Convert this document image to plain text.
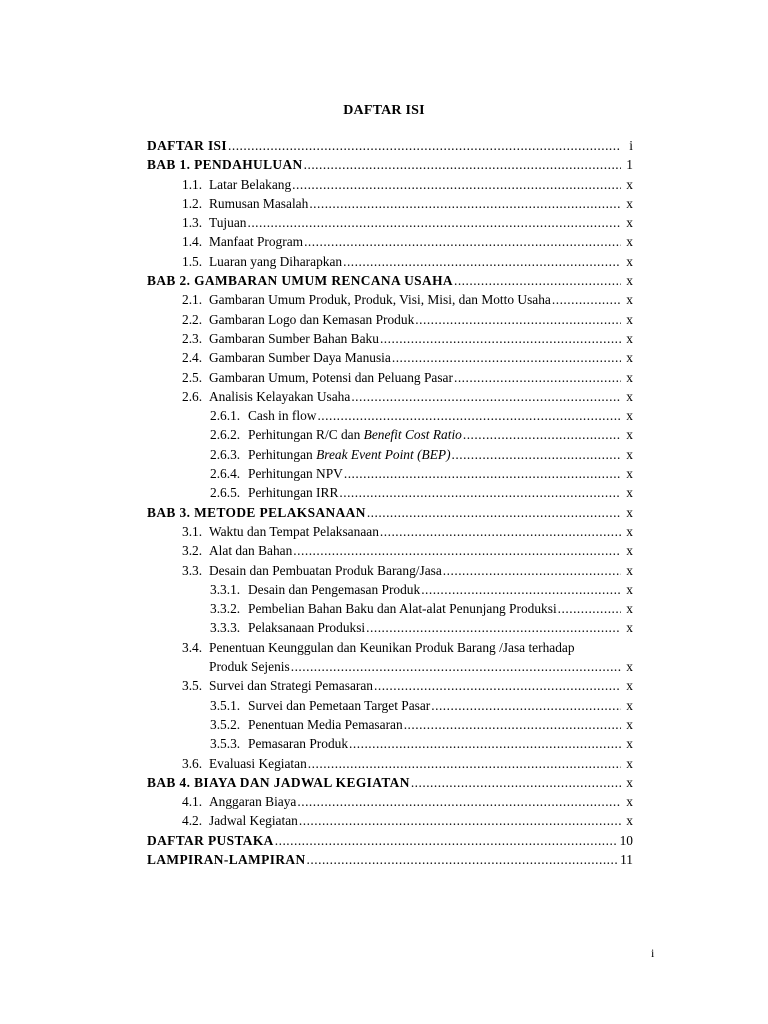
DAFTAR ISI
DAFTAR ISI .....	i
BAB 1. PENDAHULUAN .....	1
1.1. Latar Belakang .....	x
1.2. Rumusan Masalah .....	x
1.3. Tujuan .....	x
1.4. Manfaat Program .....	x
1.5. Luaran yang Diharapkan .....	x
BAB 2. GAMBARAN UMUM RENCANA USAHA .....	x
2.1. Gambaran Umum Produk, Produk, Visi, Misi, dan Motto Usaha .....	x
2.2. Gambaran Logo dan Kemasan Produk .....	x
2.3. Gambaran Sumber Bahan Baku .....	x
2.4. Gambaran Sumber Daya Manusia .....	x
2.5. Gambaran Umum, Potensi dan Peluang Pasar .....	x
2.6. Analisis Kelayakan Usaha .....	x
2.6.1. Cash in flow .....	x
2.6.2. Perhitungan R/C dan Benefit Cost Ratio .....	x
2.6.3. Perhitungan Break Event Point (BEP) .....	x
2.6.4. Perhitungan NPV .....	x
2.6.5. Perhitungan IRR .....	x
BAB 3. METODE PELAKSANAAN .....	x
3.1. Waktu dan Tempat Pelaksanaan .....	x
3.2. Alat dan Bahan .....	x
3.3. Desain dan Pembuatan Produk Barang/Jasa .....	x
3.3.1. Desain dan Pengemasan Produk .....	x
3.3.2. Pembelian Bahan Baku dan Alat-alat Penunjang Produksi .....	x
3.3.3. Pelaksanaan Produksi .....	x
3.4. Penentuan Keunggulan dan Keunikan Produk Barang /Jasa terhadap
Produk Sejenis .....	x
3.5. Survei dan Strategi Pemasaran .....	x
3.5.1. Survei dan Pemetaan Target Pasar .....	x
3.5.2. Penentuan Media Pemasaran .....	x
3.5.3. Pemasaran Produk .....	x
3.6. Evaluasi Kegiatan .....	x
BAB 4. BIAYA DAN JADWAL KEGIATAN .....	x
4.1. Anggaran Biaya .....	x
4.2. Jadwal Kegiatan .....	x
DAFTAR PUSTAKA .....	10
LAMPIRAN-LAMPIRAN .....	11
i
